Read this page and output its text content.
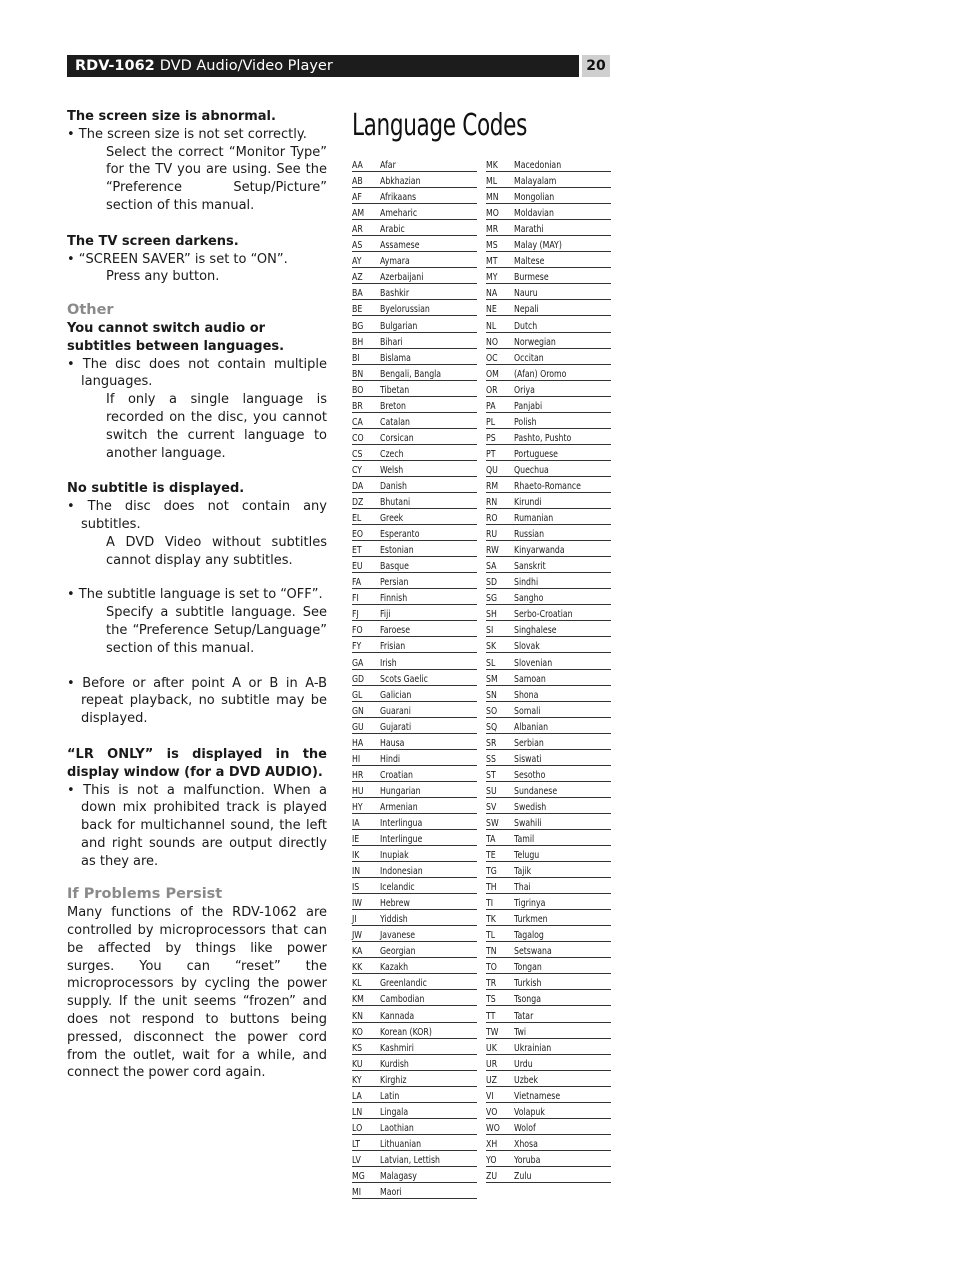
RDV-1062 DVD Audio/Video Player	20

The screen size is abnormal.

• The screen size is not set correctly.

Select the correct “Monitor Type” for the TV you are using. See the “Preference Setup/Picture” section of this manual.

The TV screen darkens.

• “SCREEN SAVER” is set to “ON”.

Press any button.

Other

You cannot switch audio or subtitles between languages.

• The disc does not contain multiple languages.

If only a single language is recorded on the disc, you cannot switch the current language to another language.

No subtitle is displayed.

• The disc does not contain any subtitles.

A DVD Video without subtitles cannot display any subtitles.

• The subtitle language is set to “OFF”.

Specify a subtitle language. See the “Preference Setup/Language” section of this manual.

• Before or after point A or B in A-B repeat playback, no subtitle may be displayed.

“LR ONLY” is displayed in the display window (for a DVD AUDIO).

• This is not a malfunction. When a down mix prohibited track is played back for multichannel sound, the left and right sounds are output directly as they are.

If Problems Persist

Many functions of the RDV-1062 are controlled by microprocessors that can be affected by things like power surges. You can “reset” the microprocessors by cycling the power supply. If the unit seems “frozen” and does not respond to buttons being pressed, disconnect the power cord from the outlet, wait for a while, and connect the power cord again.

Language Codes
AA	Afar
AB	Abkhazian
AF	Afrikaans
AM	Ameharic
AR	Arabic
AS	Assamese
AY	Aymara
AZ	Azerbaijani
BA	Bashkir
BE	Byelorussian
BG	Bulgarian
BH	Bihari
BI	Bislama
BN	Bengali, Bangla
BO	Tibetan
BR	Breton
CA	Catalan
CO	Corsican
CS	Czech
CY	Welsh
DA	Danish
DZ	Bhutani
EL	Greek
EO	Esperanto
ET	Estonian
EU	Basque
FA	Persian
FI	Finnish
FJ	Fiji
FO	Faroese
FY	Frisian
GA	Irish
GD	Scots Gaelic
GL	Galician
GN	Guarani
GU	Gujarati
HA	Hausa
HI	Hindi
HR	Croatian
HU	Hungarian
HY	Armenian
IA	Interlingua
IE	Interlingue
IK	Inupiak
IN	Indonesian
IS	Icelandic
IW	Hebrew
JI	Yiddish
JW	Javanese
KA	Georgian
KK	Kazakh
KL	Greenlandic
KM	Cambodian
KN	Kannada
KO	Korean (KOR)
KS	Kashmiri
KU	Kurdish
KY	Kirghiz
LA	Latin
LN	Lingala
LO	Laothian
LT	Lithuanian
LV	Latvian, Lettish
MG	Malagasy
MI	Maori
MK	Macedonian
ML	Malayalam
MN	Mongolian
MO	Moldavian
MR	Marathi
MS	Malay (MAY)
MT	Maltese
MY	Burmese
NA	Nauru
NE	Nepali
NL	Dutch
NO	Norwegian
OC	Occitan
OM	(Afan) Oromo
OR	Oriya
PA	Panjabi
PL	Polish
PS	Pashto, Pushto
PT	Portuguese
QU	Quechua
RM	Rhaeto-Romance
RN	Kirundi
RO	Rumanian
RU	Russian
RW	Kinyarwanda
SA	Sanskrit
SD	Sindhi
SG	Sangho
SH	Serbo-Croatian
SI	Singhalese
SK	Slovak
SL	Slovenian
SM	Samoan
SN	Shona
SO	Somali
SQ	Albanian
SR	Serbian
SS	Siswati
ST	Sesotho
SU	Sundanese
SV	Swedish
SW	Swahili
TA	Tamil
TE	Telugu
TG	Tajik
TH	Thai
TI	Tigrinya
TK	Turkmen
TL	Tagalog
TN	Setswana
TO	Tongan
TR	Turkish
TS	Tsonga
TT	Tatar
TW	Twi
UK	Ukrainian
UR	Urdu
UZ	Uzbek
VI	Vietnamese
VO	Volapuk
WO	Wolof
XH	Xhosa
YO	Yoruba
ZU	Zulu
